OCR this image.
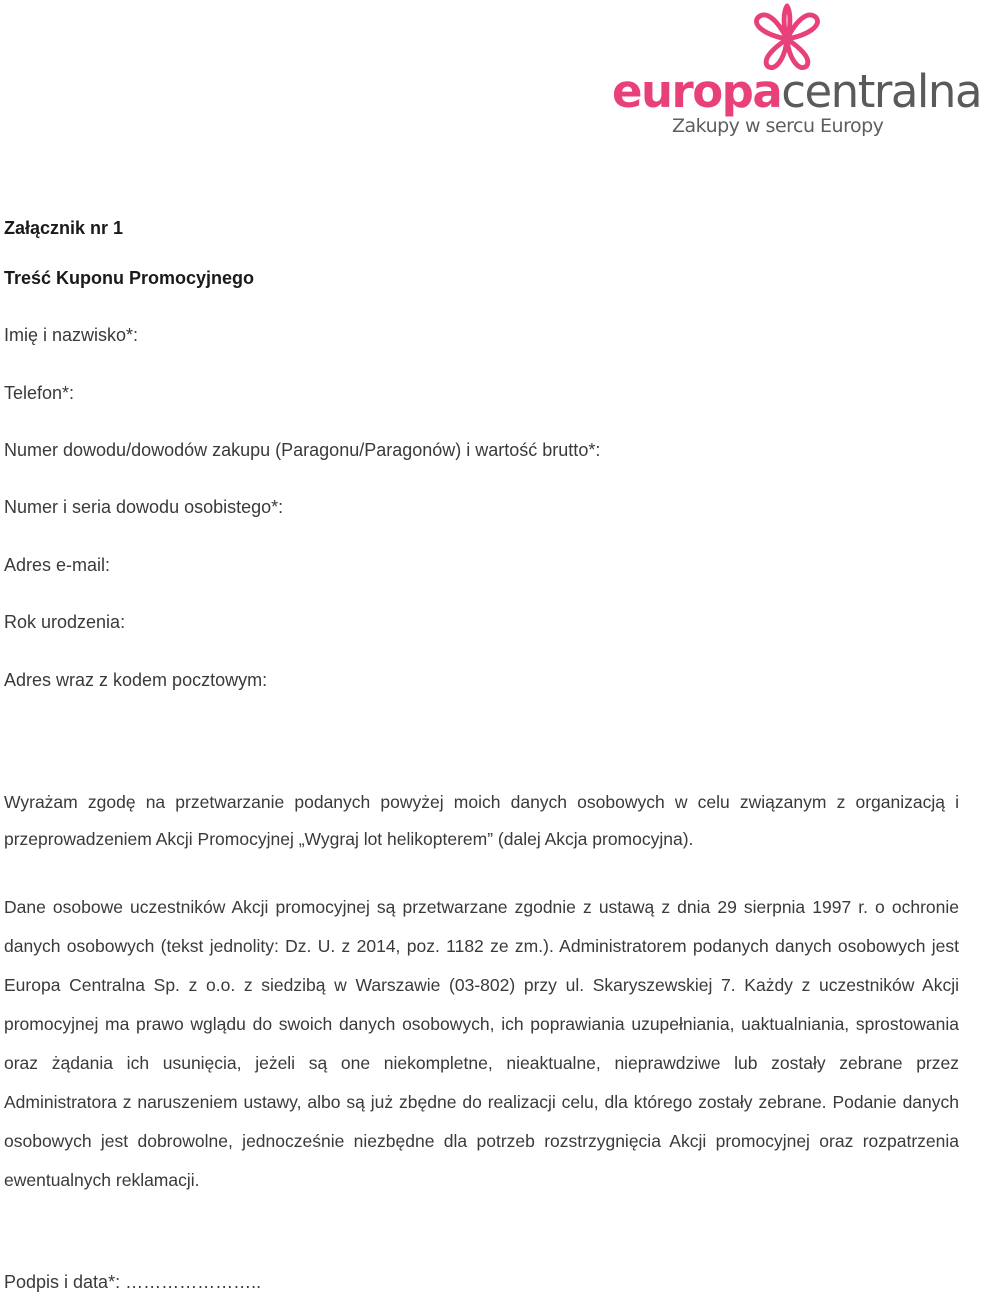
europacentralna
Zakupy w sercu Europy
Załącznik nr 1
Treść Kuponu Promocyjnego
Imię i nazwisko*:
Telefon*:
Numer dowodu/dowodów zakupu (Paragonu/Paragonów) i wartość brutto*:
Numer i seria dowodu osobistego*:
Adres e-mail:
Rok urodzenia:
Adres wraz z kodem pocztowym:
Wyrażam zgodę na przetwarzanie podanych powyżej moich danych osobowych w celu związanym z organizacją i przeprowadzeniem Akcji Promocyjnej „Wygraj lot helikopterem” (dalej Akcja promocyjna).
Dane osobowe uczestników Akcji promocyjnej są przetwarzane zgodnie z ustawą z dnia 29 sierpnia 1997 r. o ochronie danych osobowych (tekst jednolity: Dz. U. z 2014, poz. 1182 ze zm.). Administratorem podanych danych osobowych jest Europa Centralna Sp. z o.o. z siedzibą w Warszawie (03-802) przy ul. Skaryszewskiej 7. Każdy z uczestników Akcji promocyjnej ma prawo wglądu do swoich danych osobowych, ich poprawiania uzupełniania, uaktualniania, sprostowania oraz żądania ich usunięcia, jeżeli są one niekompletne, nieaktualne, nieprawdziwe lub zostały zebrane przez Administratora z naruszeniem ustawy, albo są już zbędne do realizacji celu, dla którego zostały zebrane. Podanie danych osobowych jest dobrowolne, jednocześnie niezbędne dla potrzeb rozstrzygnięcia Akcji promocyjnej oraz rozpatrzenia ewentualnych reklamacji.
Podpis i data*: …………………..
